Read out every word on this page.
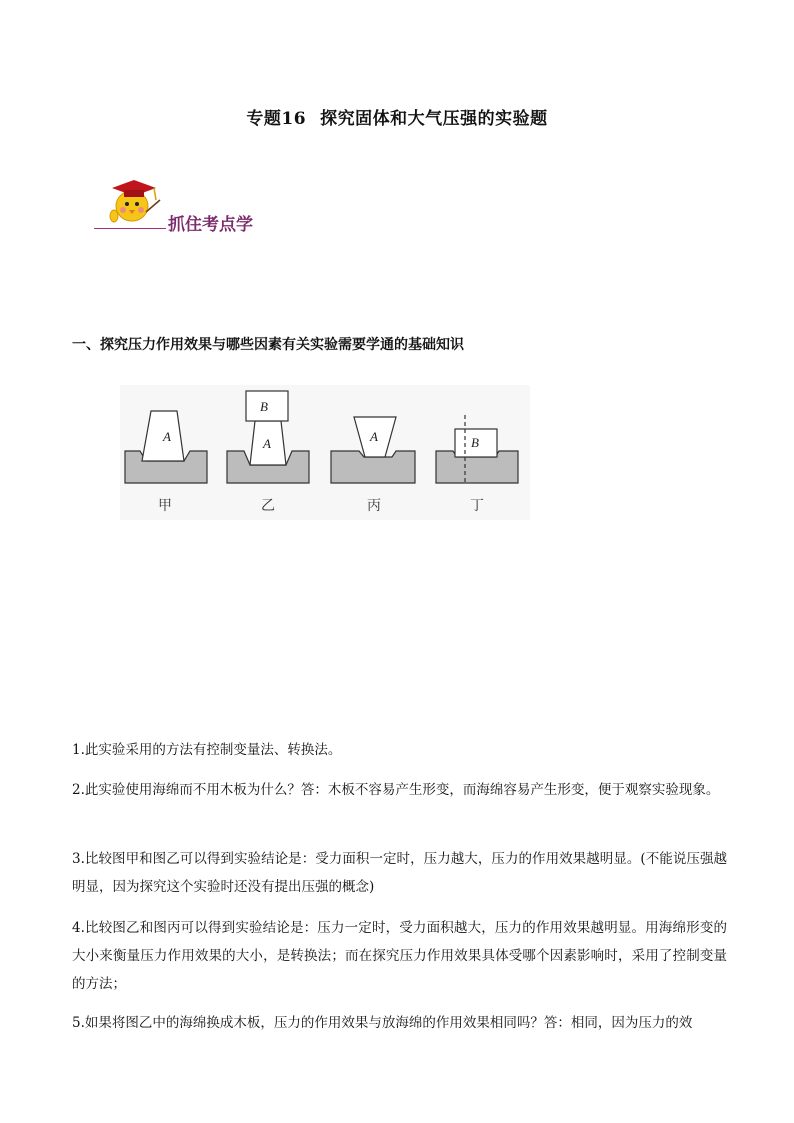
专题16 探究固体和大气压强的实验题
抓住考点学
一、探究压力作用效果与哪些因素有关实验需要学通的基础知识
A
甲
B
A
乙
A
丙
B
丁
1.此实验采用的方法有控制变量法、转换法。
2.此实验使用海绵而不用木板为什么？答：木板不容易产生形变，而海绵容易产生形变，便于观察实验现象。
3.比较图甲和图乙可以得到实验结论是：受力面积一定时，压力越大，压力的作用效果越明显。(不能说压强越明显，因为探究这个实验时还没有提出压强的概念)
4.比较图乙和图丙可以得到实验结论是：压力一定时，受力面积越大，压力的作用效果越明显。用海绵形变的大小来衡量压力作用效果的大小，是转换法；而在探究压力作用效果具体受哪个因素影响时，采用了控制变量的方法；
5.如果将图乙中的海绵换成木板，压力的作用效果与放海绵的作用效果相同吗？答：相同，因为压力的效
